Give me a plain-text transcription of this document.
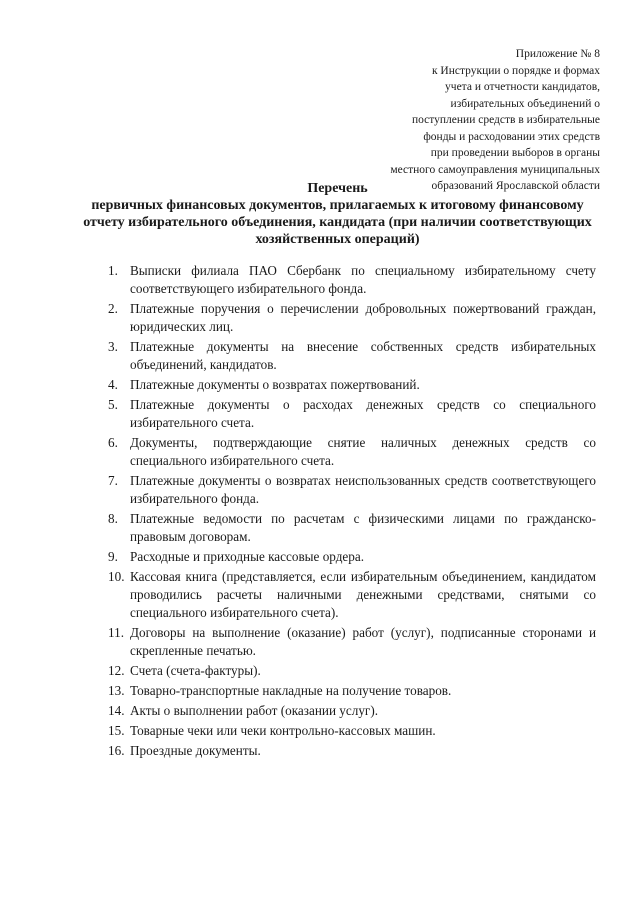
Приложение № 8
к Инструкции о порядке и формах
учета и отчетности кандидатов,
избирательных объединений о
поступлении средств в избирательные
фонды и расходовании этих средств
при проведении выборов в органы
местного самоуправления муниципальных
образований Ярославской области
Перечень
первичных финансовых документов, прилагаемых к итоговому финансовому отчету избирательного объединения, кандидата (при наличии соответствующих хозяйственных операций)
1. Выписки филиала ПАО Сбербанк по специальному избирательному счету соответствующего избирательного фонда.
2. Платежные поручения о перечислении добровольных пожертвований граждан, юридических лиц.
3. Платежные документы на внесение собственных средств избирательных объединений, кандидатов.
4. Платежные документы о возвратах пожертвований.
5. Платежные документы о расходах денежных средств со специального избирательного счета.
6. Документы, подтверждающие снятие наличных денежных средств со специального избирательного счета.
7. Платежные документы о возвратах неиспользованных средств соответствующего избирательного фонда.
8. Платежные ведомости по расчетам с физическими лицами по гражданско-правовым договорам.
9. Расходные и приходные кассовые ордера.
10. Кассовая книга (представляется, если избирательным объединением, кандидатом проводились расчеты наличными денежными средствами, снятыми со специального избирательного счета).
11. Договоры на выполнение (оказание) работ (услуг), подписанные сторонами и скрепленные печатью.
12. Счета (счета-фактуры).
13. Товарно-транспортные накладные на получение товаров.
14. Акты о выполнении работ (оказании услуг).
15. Товарные чеки или чеки контрольно-кассовых машин.
16. Проездные документы.
